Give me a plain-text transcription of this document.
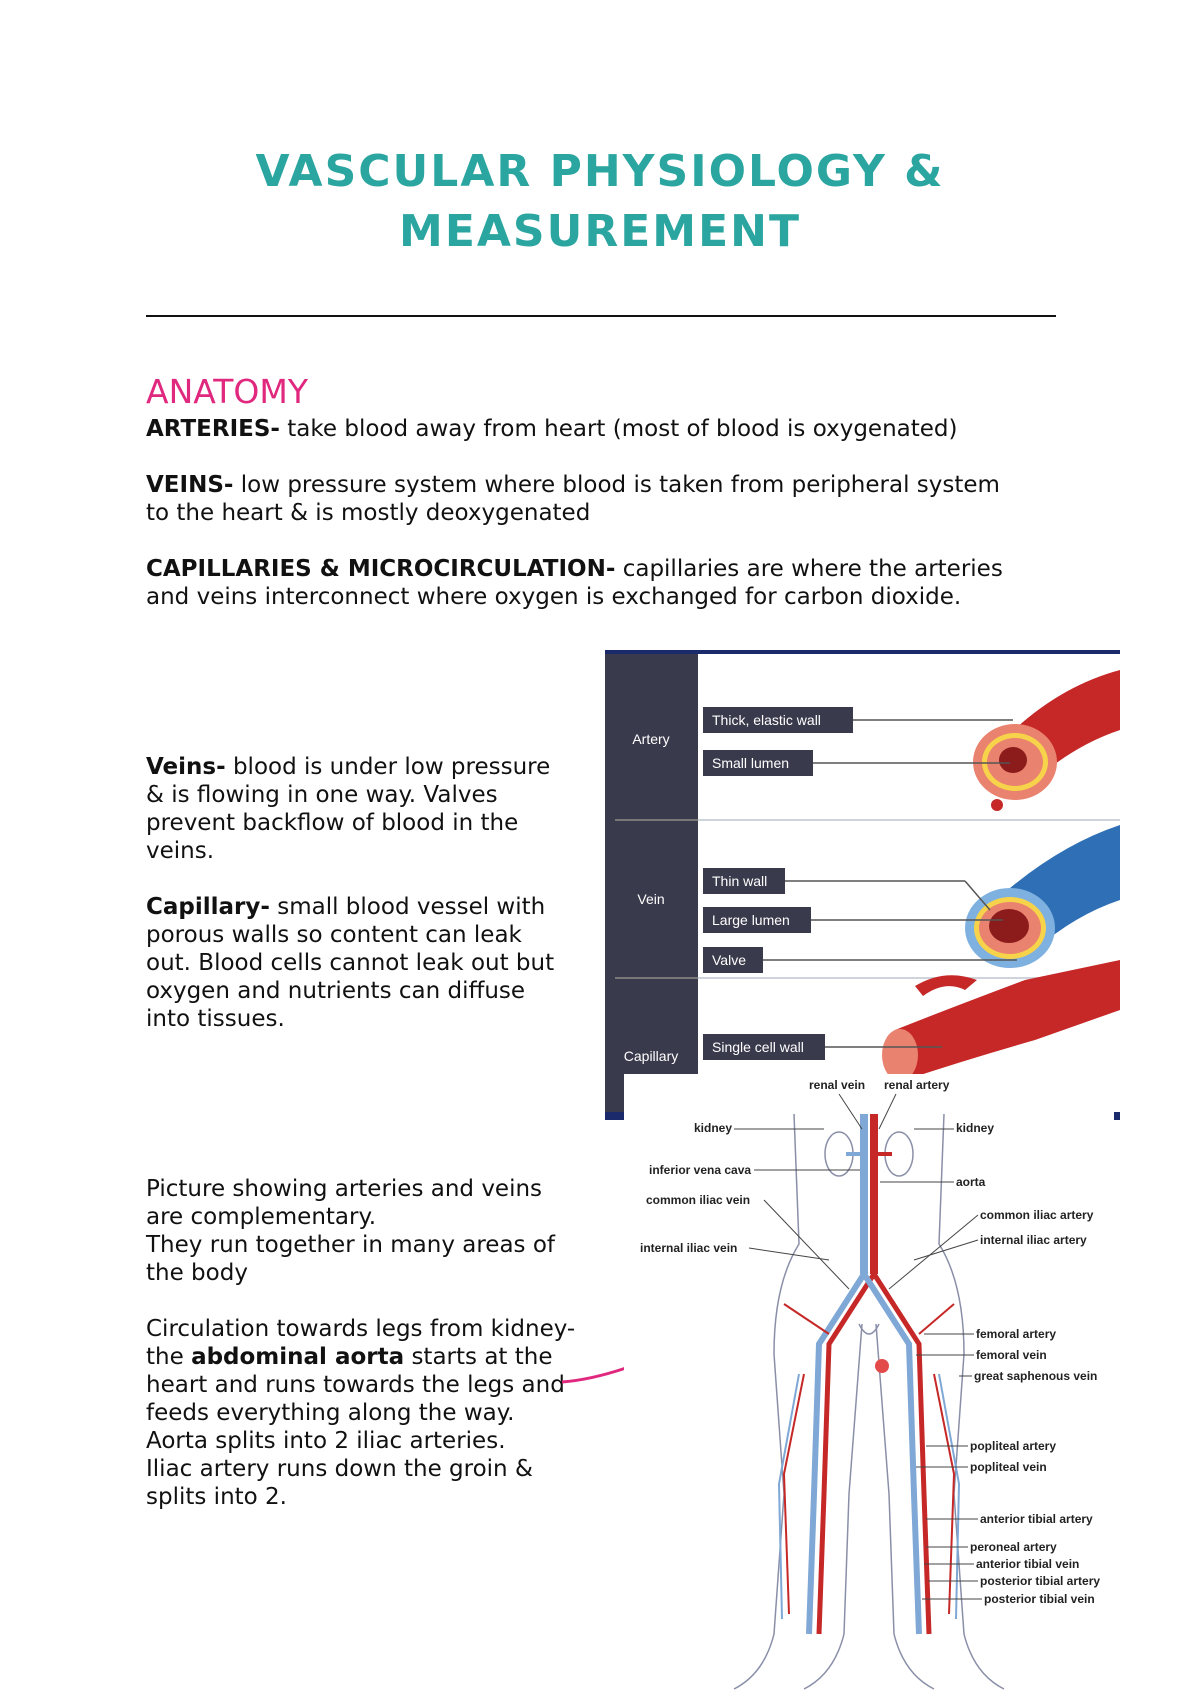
VASCULAR PHYSIOLOGY &
MEASUREMENT
ANATOMY
ARTERIES- take blood away from heart (most of blood is oxygenated)
VEINS- low pressure system where blood is taken from peripheral system
to the heart & is mostly deoxygenated
CAPILLARIES & MICROCIRCULATION- capillaries are where the arteries
and veins interconnect where oxygen is exchanged for carbon dioxide.
Veins- blood is under low pressure
& is flowing in one way. Valves
prevent backflow of blood in the
veins.
Capillary- small blood vessel with
porous walls so content can leak
out. Blood cells cannot leak out but
oxygen and nutrients can diffuse
into tissues.
Picture showing arteries and veins
are complementary.
They run together in many areas of
the body
Circulation towards legs from kidney-
the abdominal aorta starts at the
heart and runs towards the legs and
feeds everything along the way.
Aorta splits into 2 iliac arteries.
Iliac artery runs down the groin &
splits into 2.
Artery
Vein
Capillary
Thick, elastic wall
Small lumen
Thin wall
Large lumen
Valve
Single cell wall
renal vein renal artery
kidney
inferior vena cava
common iliac vein
internal iliac vein
kidney
aorta
common iliac artery
internal iliac artery
femoral artery
femoral vein
great saphenous vein
popliteal artery
popliteal vein
anterior tibial artery
peroneal artery
anterior tibial vein
posterior tibial artery
posterior tibial vein
